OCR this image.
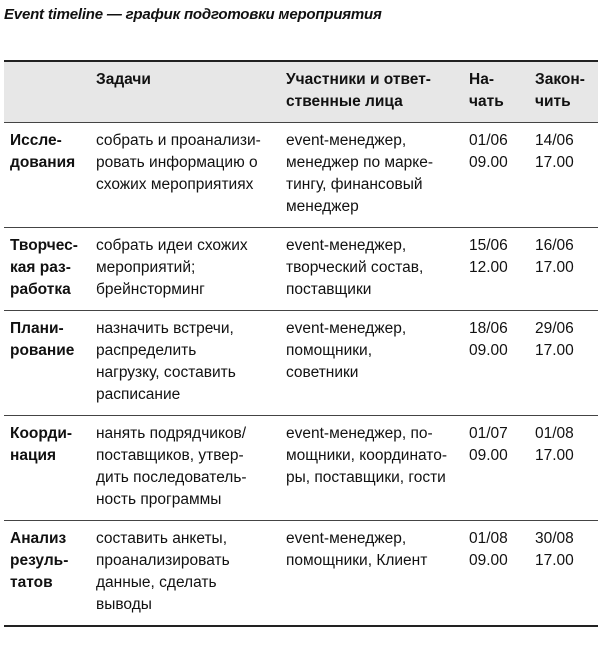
Event timeline — график подготовки мероприятия
Задачи	Участники и ответ-
ственные лица
На-
чать
Закон-
чить
Иссле-
дования
собрать и проанализи-
ровать информацию о
схожих мероприятиях
event-менеджер,
менеджер по марке-
тингу, финансовый
менеджер
01/06
09.00
14/06
17.00
Творчес-
кая раз-
работка
собрать идеи схожих
мероприятий;
брейнсторминг
event-менеджер,
творческий состав,
поставщики
15/06
12.00
16/06
17.00
Плани-
рование
назначить встречи,
распределить
нагрузку, составить
расписание
event-менеджер,
помощники,
советники
18/06
09.00
29/06
17.00
Коорди-
нация
нанять подрядчиков/
поставщиков, утвер-
дить последователь-
ность программы
event-менеджер, по-
мощники, координато-
ры, поставщики, гости
01/07
09.00
01/08
17.00
Анализ
резуль-
татов
составить анкеты,
проанализировать
данные, сделать
выводы
event-менеджер,
помощники, Клиент
01/08
09.00
30/08
17.00
